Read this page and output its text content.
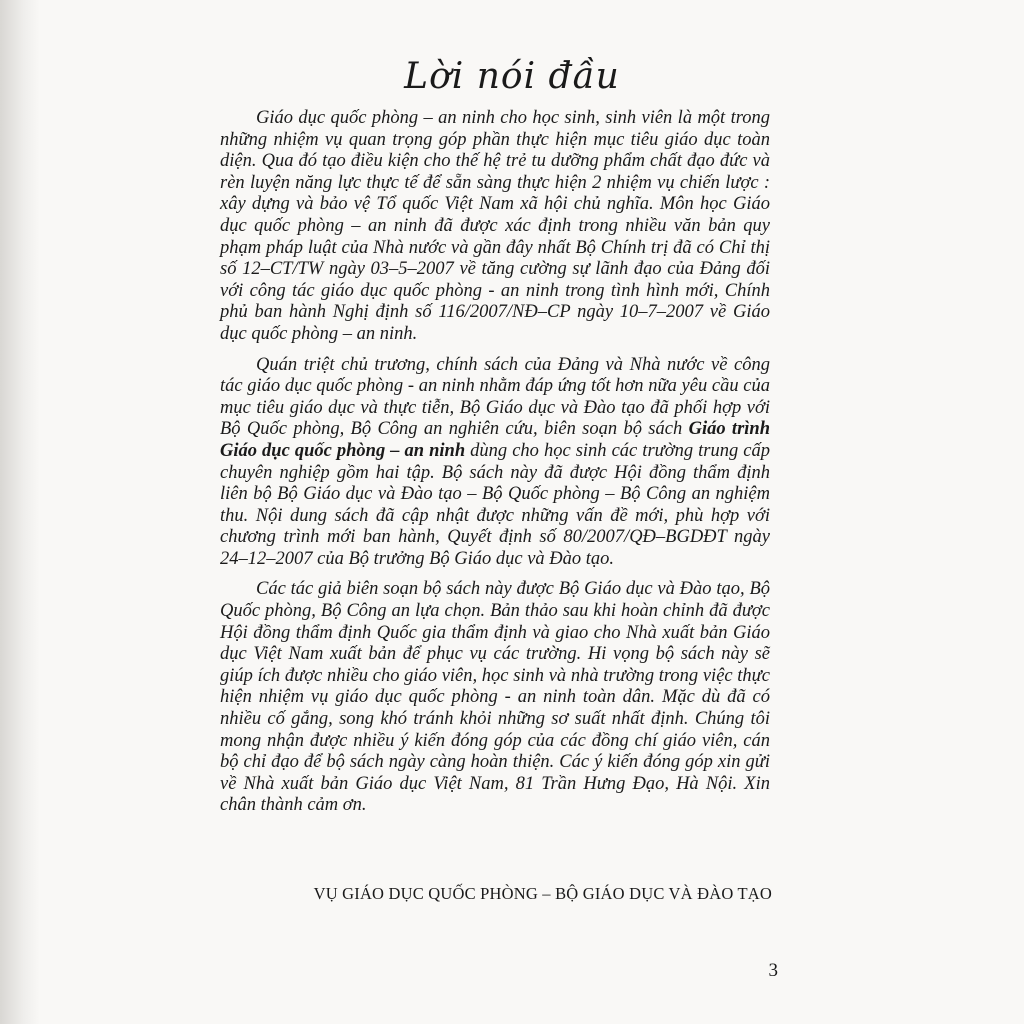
Lời nói đầu

Giáo dục quốc phòng – an ninh cho học sinh, sinh viên là một trong những nhiệm vụ quan trọng góp phần thực hiện mục tiêu giáo dục toàn diện. Qua đó tạo điều kiện cho thế hệ trẻ tu dưỡng phẩm chất đạo đức và rèn luyện năng lực thực tế để sẵn sàng thực hiện 2 nhiệm vụ chiến lược : xây dựng và bảo vệ Tổ quốc Việt Nam xã hội chủ nghĩa. Môn học Giáo dục quốc phòng – an ninh đã được xác định trong nhiều văn bản quy phạm pháp luật của Nhà nước và gần đây nhất Bộ Chính trị đã có Chỉ thị số 12–CT/TW ngày 03–5–2007 về tăng cường sự lãnh đạo của Đảng đối với công tác giáo dục quốc phòng - an ninh trong tình hình mới, Chính phủ ban hành Nghị định số 116/2007/NĐ–CP ngày 10–7–2007 về Giáo dục quốc phòng – an ninh.

Quán triệt chủ trương, chính sách của Đảng và Nhà nước về công tác giáo dục quốc phòng - an ninh nhằm đáp ứng tốt hơn nữa yêu cầu của mục tiêu giáo dục và thực tiễn, Bộ Giáo dục và Đào tạo đã phối hợp với Bộ Quốc phòng, Bộ Công an nghiên cứu, biên soạn bộ sách Giáo trình Giáo dục quốc phòng – an ninh dùng cho học sinh các trường trung cấp chuyên nghiệp gồm hai tập. Bộ sách này đã được Hội đồng thẩm định liên bộ Bộ Giáo dục và Đào tạo – Bộ Quốc phòng – Bộ Công an nghiệm thu. Nội dung sách đã cập nhật được những vấn đề mới, phù hợp với chương trình mới ban hành, Quyết định số 80/2007/QĐ–BGDĐT ngày 24–12–2007 của Bộ trưởng Bộ Giáo dục và Đào tạo.

Các tác giả biên soạn bộ sách này được Bộ Giáo dục và Đào tạo, Bộ Quốc phòng, Bộ Công an lựa chọn. Bản thảo sau khi hoàn chỉnh đã được Hội đồng thẩm định Quốc gia thẩm định và giao cho Nhà xuất bản Giáo dục Việt Nam xuất bản để phục vụ các trường. Hi vọng bộ sách này sẽ giúp ích được nhiều cho giáo viên, học sinh và nhà trường trong việc thực hiện nhiệm vụ giáo dục quốc phòng - an ninh toàn dân. Mặc dù đã có nhiều cố gắng, song khó tránh khỏi những sơ suất nhất định. Chúng tôi mong nhận được nhiều ý kiến đóng góp của các đồng chí giáo viên, cán bộ chỉ đạo để bộ sách ngày càng hoàn thiện. Các ý kiến đóng góp xin gửi về Nhà xuất bản Giáo dục Việt Nam, 81 Trần Hưng Đạo, Hà Nội. Xin chân thành cảm ơn.

VỤ GIÁO DỤC QUỐC PHÒNG – BỘ GIÁO DỤC VÀ ĐÀO TẠO

3
